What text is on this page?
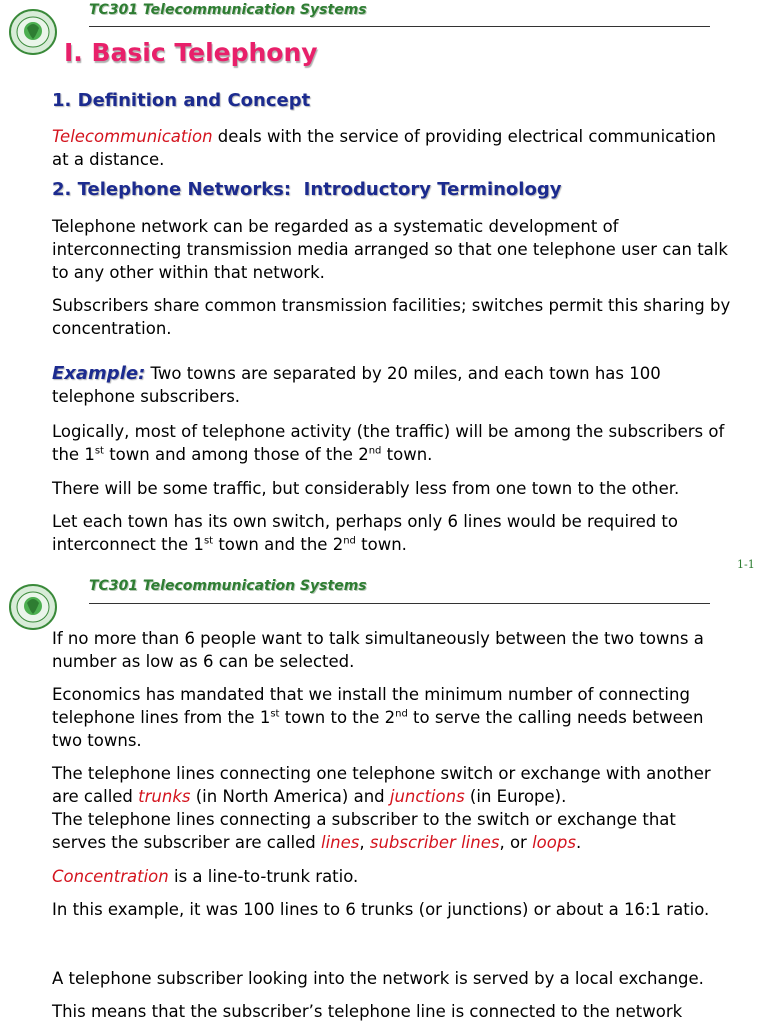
TC301 Telecommunication Systems
I. Basic Telephony
1. Definition and Concept
Telecommunication deals with the service of providing electrical communication at a distance.
2. Telephone Networks: Introductory Terminology
Telephone network can be regarded as a systematic development of interconnecting transmission media arranged so that one telephone user can talk to any other within that network.
Subscribers share common transmission facilities; switches permit this sharing by concentration.
Example: Two towns are separated by 20 miles, and each town has 100 telephone subscribers.
Logically, most of telephone activity (the traffic) will be among the subscribers of the 1st town and among those of the 2nd town.
There will be some traffic, but considerably less from one town to the other.
Let each town has its own switch, perhaps only 6 lines would be required to interconnect the 1st town and the 2nd town.
1-1
TC301 Telecommunication Systems
If no more than 6 people want to talk simultaneously between the two towns a number as low as 6 can be selected.
Economics has mandated that we install the minimum number of connecting telephone lines from the 1st town to the 2nd to serve the calling needs between two towns.
The telephone lines connecting one telephone switch or exchange with another are called trunks (in North America) and junctions (in Europe).
The telephone lines connecting a subscriber to the switch or exchange that serves the subscriber are called lines, subscriber lines, or loops.
Concentration is a line-to-trunk ratio.
In this example, it was 100 lines to 6 trunks (or junctions) or about a 16:1 ratio.
A telephone subscriber looking into the network is served by a local exchange.
This means that the subscriber’s telephone line is connected to the network
